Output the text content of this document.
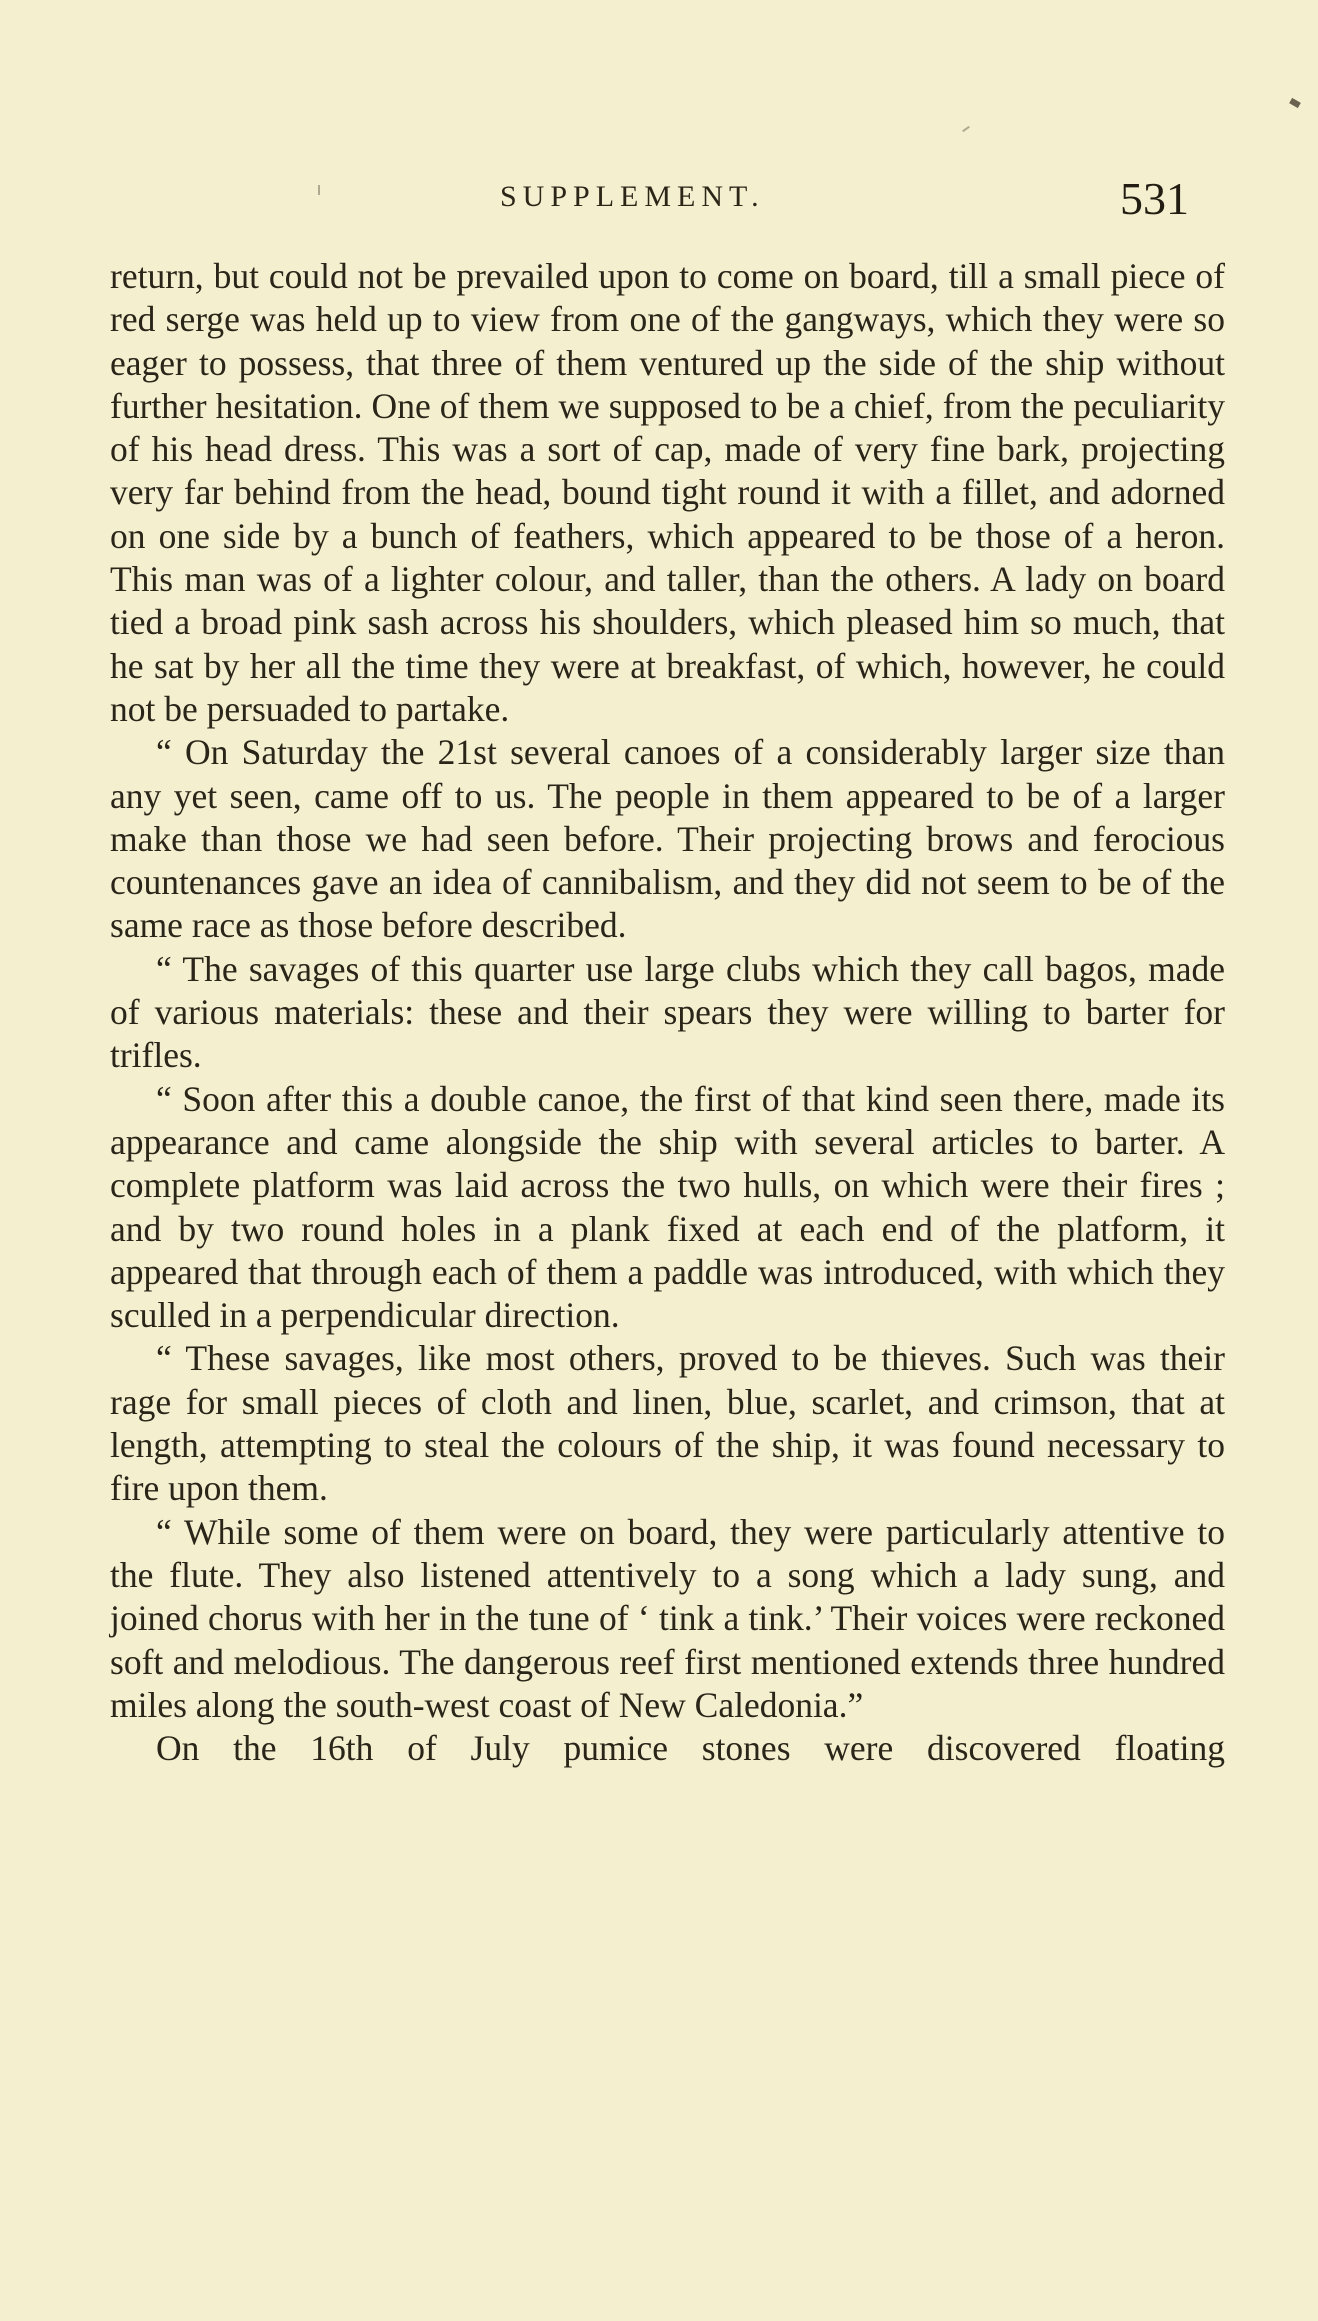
SUPPLEMENT.	531

return, but could not be prevailed upon to come on board, till a small piece of red serge was held up to view from one of the gangways, which they were so eager to possess, that three of them ventured up the side of the ship without further hesitation. One of them we supposed to be a chief, from the peculiarity of his head dress. This was a sort of cap, made of very fine bark, projecting very far behind from the head, bound tight round it with a fillet, and adorned on one side by a bunch of feathers, which appeared to be those of a heron. This man was of a lighter colour, and taller, than the others. A lady on board tied a broad pink sash across his shoulders, which pleased him so much, that he sat by her all the time they were at breakfast, of which, however, he could not be persuaded to partake.

“ On Saturday the 21st several canoes of a considerably larger size than any yet seen, came off to us. The people in them appeared to be of a larger make than those we had seen before. Their projecting brows and ferocious countenances gave an idea of cannibalism, and they did not seem to be of the same race as those before described.

“ The savages of this quarter use large clubs which they call bagos, made of various materials: these and their spears they were willing to barter for trifles.

“ Soon after this a double canoe, the first of that kind seen there, made its appearance and came alongside the ship with several articles to barter. A complete platform was laid across the two hulls, on which were their fires ; and by two round holes in a plank fixed at each end of the platform, it appeared that through each of them a paddle was introduced, with which they sculled in a perpendicular direction.

“ These savages, like most others, proved to be thieves. Such was their rage for small pieces of cloth and linen, blue, scarlet, and crimson, that at length, attempting to steal the colours of the ship, it was found necessary to fire upon them.

“ While some of them were on board, they were particularly attentive to the flute. They also listened attentively to a song which a lady sung, and joined chorus with her in the tune of ‘ tink a tink.’ Their voices were reckoned soft and melodious. The dangerous reef first mentioned extends three hundred miles along the south-west coast of New Caledonia.”

On the 16th of July pumice stones were discovered floating
